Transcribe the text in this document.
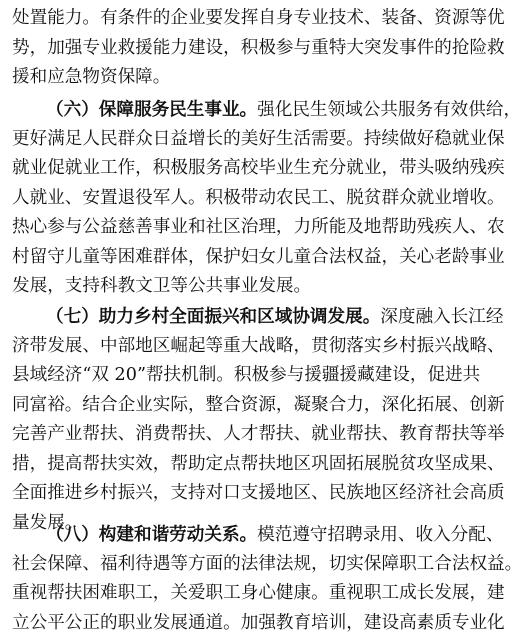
处置能力。有条件的企业要发挥自身专业技术、装备、资源等优
势，加强专业救援能力建设，积极参与重特大突发事件的抢险救
援和应急物资保障。
（六）保障服务民生事业。强化民生领域公共服务有效供给，
更好满足人民群众日益增长的美好生活需要。持续做好稳就业保
就业促就业工作，积极服务高校毕业生充分就业，带头吸纳残疾
人就业、安置退役军人。积极带动农民工、脱贫群众就业增收。
热心参与公益慈善事业和社区治理，力所能及地帮助残疾人、农
村留守儿童等困难群体，保护妇女儿童合法权益，关心老龄事业
发展，支持科教文卫等公共事业发展。
（七）助力乡村全面振兴和区域协调发展。深度融入长江经
济带发展、中部地区崛起等重大战略，贯彻落实乡村振兴战略、
县域经济“双 20”帮扶机制。积极参与援疆援藏建设，促进共
同富裕。结合企业实际，整合资源，凝聚合力，深化拓展、创新
完善产业帮扶、消费帮扶、人才帮扶、就业帮扶、教育帮扶等举
措，提高帮扶实效，帮助定点帮扶地区巩固拓展脱贫攻坚成果、
全面推进乡村振兴，支持对口支援地区、民族地区经济社会高质
量发展。
（八）构建和谐劳动关系。模范遵守招聘录用、收入分配、
社会保障、福利待遇等方面的法律法规，切实保障职工合法权益。
重视帮扶困难职工，关爱职工身心健康。重视职工成长发展，建
立公平公正的职业发展通道。加强教育培训，建设高素质专业化
